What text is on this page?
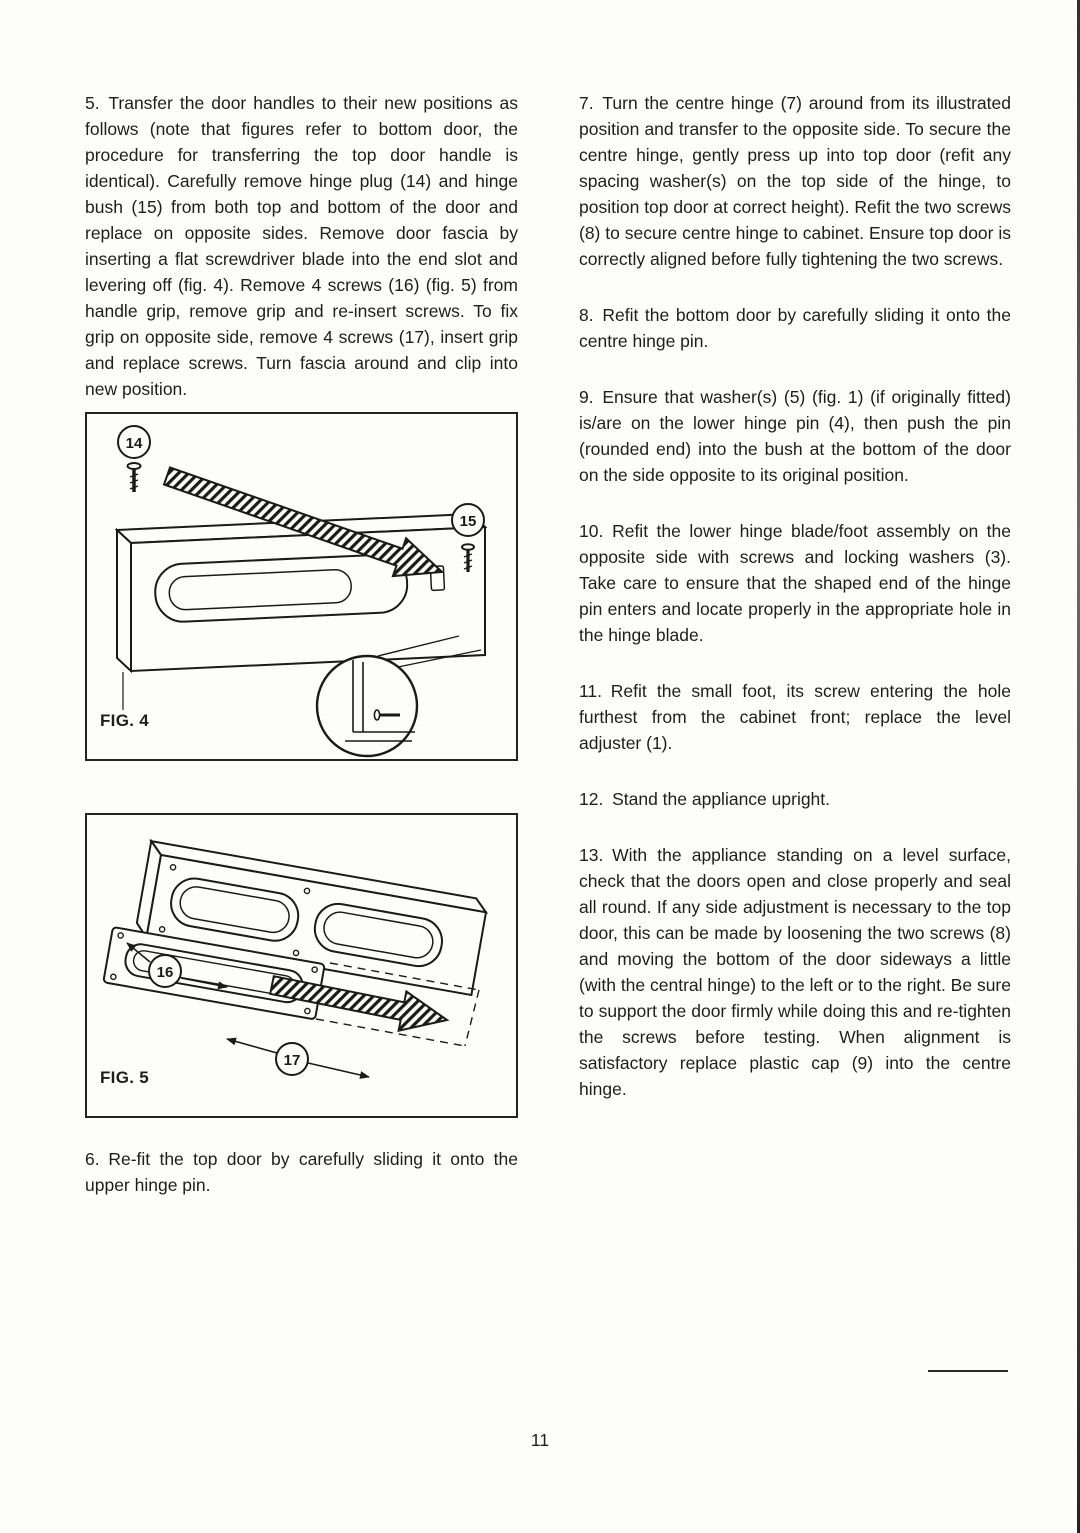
5. Transfer the door handles to their new positions as follows (note that figures refer to bottom door, the procedure for transferring the top door handle is identical). Carefully remove hinge plug (14) and hinge bush (15) from both top and bottom of the door and replace on opposite sides. Remove door fascia by inserting a flat screwdriver blade into the end slot and levering off (fig. 4). Remove 4 screws (16) (fig. 5) from handle grip, remove grip and re-insert screws. To fix grip on opposite side, remove 4 screws (17), insert grip and replace screws. Turn fascia around and clip into new position.

14
15
FIG. 4
16
17
FIG. 5

6. Re-fit the top door by carefully sliding it onto the upper hinge pin.

7. Turn the centre hinge (7) around from its illustrated position and transfer to the opposite side. To secure the centre hinge, gently press up into top door (refit any spacing washer(s) on the top side of the hinge, to position top door at correct height). Refit the two screws (8) to secure centre hinge to cabinet. Ensure top door is correctly aligned before fully tightening the two screws.

8. Refit the bottom door by carefully sliding it onto the centre hinge pin.

9. Ensure that washer(s) (5) (fig. 1) (if originally fitted) is/are on the lower hinge pin (4), then push the pin (rounded end) into the bush at the bottom of the door on the side opposite to its original position.

10. Refit the lower hinge blade/foot assembly on the opposite side with screws and locking washers (3). Take care to ensure that the shaped end of the hinge pin enters and locate properly in the appropriate hole in the hinge blade.

11. Refit the small foot, its screw entering the hole furthest from the cabinet front; replace the level adjuster (1).

12. Stand the appliance upright.

13. With the appliance standing on a level surface, check that the doors open and close properly and seal all round. If any side adjustment is necessary to the top door, this can be made by loosening the two screws (8) and moving the bottom of the door sideways a little (with the central hinge) to the left or to the right. Be sure to support the door firmly while doing this and re-tighten the screws before testing. When alignment is satisfactory replace plastic cap (9) into the centre hinge.

11
